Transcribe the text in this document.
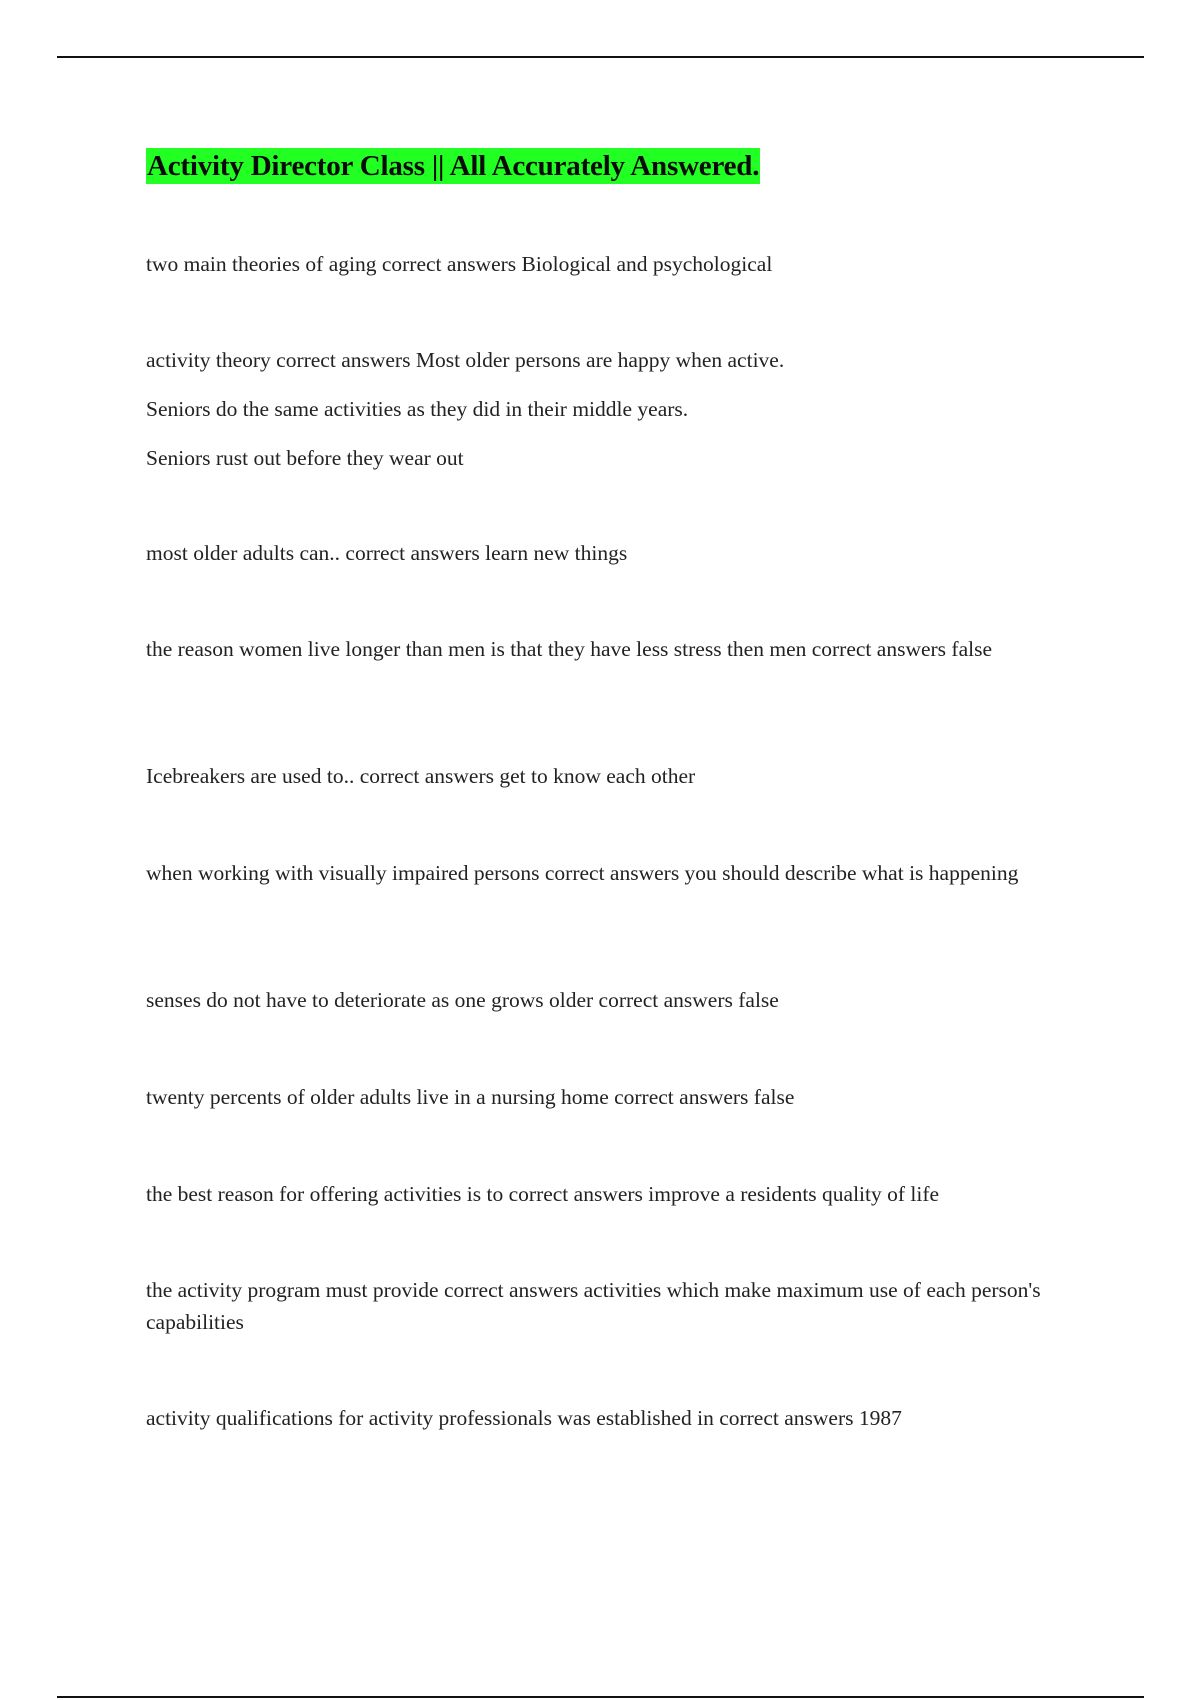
Activity Director Class || All Accurately Answered.

two main theories of aging correct answers Biological and psychological

activity theory correct answers Most older persons are happy when active.

Seniors do the same activities as they did in their middle years.

Seniors rust out before they wear out

most older adults can.. correct answers learn new things

the reason women live longer than men is that they have less stress then men correct answers false

Icebreakers are used to.. correct answers get to know each other

when working with visually impaired persons correct answers you should describe what is happening

senses do not have to deteriorate as one grows older correct answers false

twenty percents of older adults live in a nursing home correct answers false

the best reason for offering activities is to correct answers improve a residents quality of life

the activity program must provide correct answers activities which make maximum use of each person's capabilities

activity qualifications for activity professionals was established in correct answers 1987
